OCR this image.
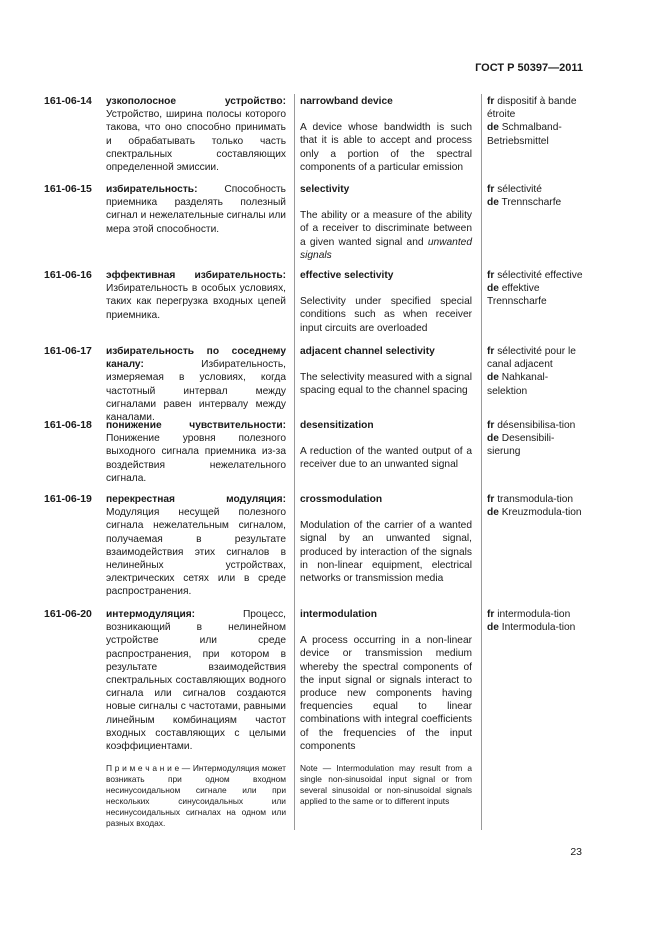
ГОСТ Р 50397—2011
161-06-14	узкополосное устройство: Устройство, ширина полосы которого такова, что оно способно принимать и обрабатывать только часть спектральных составляющих определенной эмиссии.
narrowband device
A device whose bandwidth is such that it is able to accept and process only a portion of the spectral components of a particular emission
fr dispositif à bande étroite
de Schmalband-Betriebsmittel
161-06-15	избирательность: Способность приемника разделять полезный сигнал и нежелательные сигналы или мера этой способности.
selectivity
The ability or a measure of the ability of a receiver to discriminate between a given wanted signal and unwanted signals
fr sélectivité
de Trennscharfe
161-06-16	эффективная избирательность: Избирательность в особых условиях, таких как перегрузка входных цепей приемника.
effective selectivity
Selectivity under specified special conditions such as when receiver input circuits are overloaded
fr sélectivité effective
de effektive Trennscharfe
161-06-17	избирательность по соседнему каналу: Избирательность, измеряемая в условиях, когда частотный интервал между сигналами равен интервалу между каналами.
adjacent channel selectivity
The selectivity measured with a signal spacing equal to the channel spacing
fr sélectivité pour le canal adjacent
de Nahkanal-selektion
161-06-18	понижение чувствительности: Понижение уровня полезного выходного сигнала приемника из-за воздействия нежелательного сигнала.
desensitization
A reduction of the wanted output of a receiver due to an unwanted signal
fr désensibilisa-tion
de Desensibili-sierung
161-06-19	перекрестная модуляция: Модуляция несущей полезного сигнала нежелательным сигналом, получаемая в результате взаимодействия этих сигналов в нелинейных устройствах, электрических сетях или в среде распространения.
crossmodulation
Modulation of the carrier of a wanted signal by an unwanted signal, produced by interaction of the signals in non-linear equipment, electrical networks or transmission media
fr transmodula-tion
de Kreuzmodula-tion
161-06-20	интермодуляция: Процесс, возникающий в нелинейном устройстве или среде распространения, при котором в результате взаимодействия спектральных составляющих водного сигнала или сигналов создаются новые сигналы с частотами, равными линейным комбинациям частот входных составляющих с целыми коэффициентами.
П р и м е ч а н и е — Интермодуляция может возникать при одном входном несинусоидальном сигнале или при нескольких синусоидальных или несинусоидальных сигналах на одном или разных входах.
intermodulation
A process occurring in a non-linear device or transmission medium whereby the spectral components of the input signal or signals interact to produce new components having frequencies equal to linear combinations with integral coefficients of the frequencies of the input components
Note — Intermodulation may result from a single non-sinusoidal input signal or from several sinusoidal or non-sinusoidal signals applied to the same or to different inputs
fr intermodula-tion
de Intermodula-tion
23
